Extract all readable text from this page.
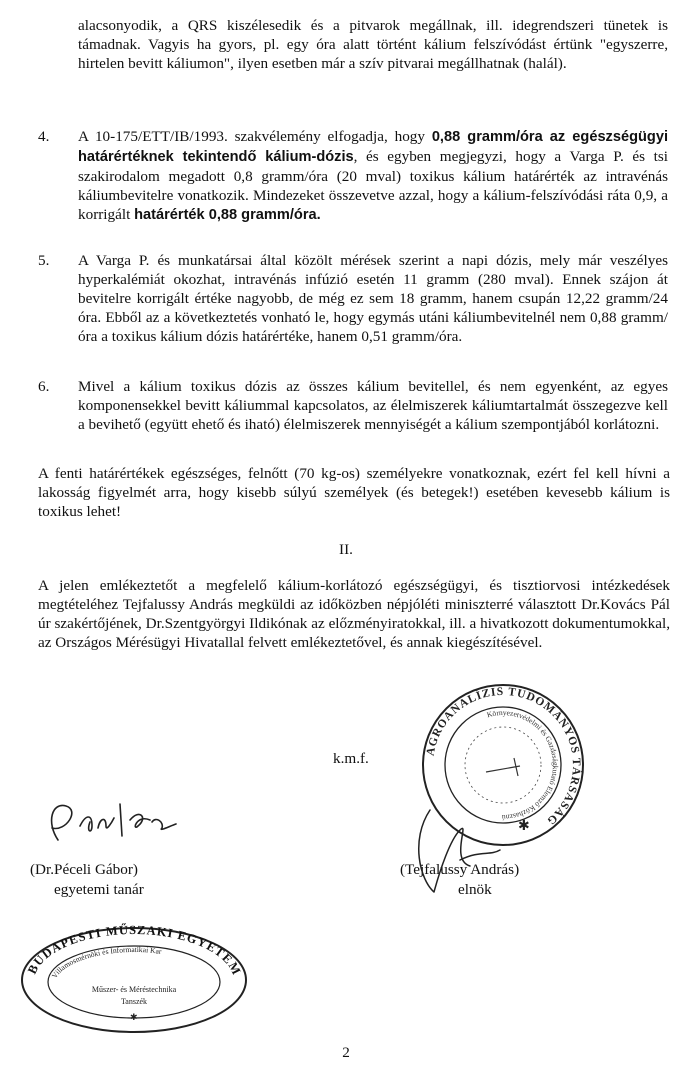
alacsonyodik, a QRS kiszélesedik és a pitvarok megállnak, ill. idegrendszeri tünetek is támadnak. Vagyis ha gyors, pl. egy óra alatt történt kálium felszívódást értünk "egyszerre, hirtelen bevitt káliumon", ilyen esetben már a szív pitvarai megállhatnak (halál).

4. A 10-175/ETT/IB/1993. szakvélemény elfogadja, hogy 0,88 gramm/óra az egészségügyi határértéknek tekintendő kálium-dózis, és egyben megjegyzi, hogy a Varga P. és tsi szakirodalom megadott 0,8 gramm/óra (20 mval) toxikus kálium határérték az intravénás káliumbevitelre vonatkozik. Mindezeket összevetve azzal, hogy a kálium-felszívódási ráta 0,9, a korrigált határérték 0,88 gramm/óra.

5. A Varga P. és munkatársai által közölt mérések szerint a napi dózis, mely már veszélyes hyperkalémiát okozhat, intravénás infúzió esetén 11 gramm (280 mval). Ennek szájon át bevitelre korrigált értéke nagyobb, de még ez sem 18 gramm, hanem csupán 12,22 gramm/24 óra. Ebből az a következtetés vonható le, hogy egymás utáni káliumbevitelnél nem 0,88 gramm/óra a toxikus kálium dózis határértéke, hanem 0,51 gramm/óra.

6. Mivel a kálium toxikus dózis az összes kálium bevitellel, és nem egyenként, az egyes komponensekkel bevitt káliummal kapcsolatos, az élelmiszerek káliumtartalmát összegezve kell a bevihető (együtt ehető és iható) élelmiszerek mennyiségét a kálium szempontjából korlátozni.

A fenti határértékek egészséges, felnőtt (70 kg-os) személyekre vonatkoznak, ezért fel kell hívni a lakosság figyelmét arra, hogy kisebb súlyú személyek (és betegek!) esetében kevesebb kálium is toxikus lehet!

II.

A jelen emlékeztetőt a megfelelő kálium-korlátozó egészségügyi, és tisztiorvosi intézkedések megtételéhez Tejfalussy András megküldi az időközben népjóléti miniszterré választott Dr.Kovács Pál úr szakértőjének, Dr.Szentgyörgyi Ildikónak az előzményiratokkal, ill. a hivatkozott dokumentumokkal, az Országos Mérésügyi Hivatallal felvett emlékeztetővel, és annak kiegészítésével.

k.m.f.
(Dr.Péceli Gábor)
egyetemi tanár
(Tejfalussy András)
elnök
AGROANALÍZIS TUDOMÁNYOS TÁRSASÁG
Környezetvédelmi és Gazdaságkutató Elemző Közhasznú
✱
BUDAPESTI MŰSZAKI EGYETEM
Villamosmérnöki és Informatikai Kar
Műszer- és Méréstechnika
Tanszék
✱
2
